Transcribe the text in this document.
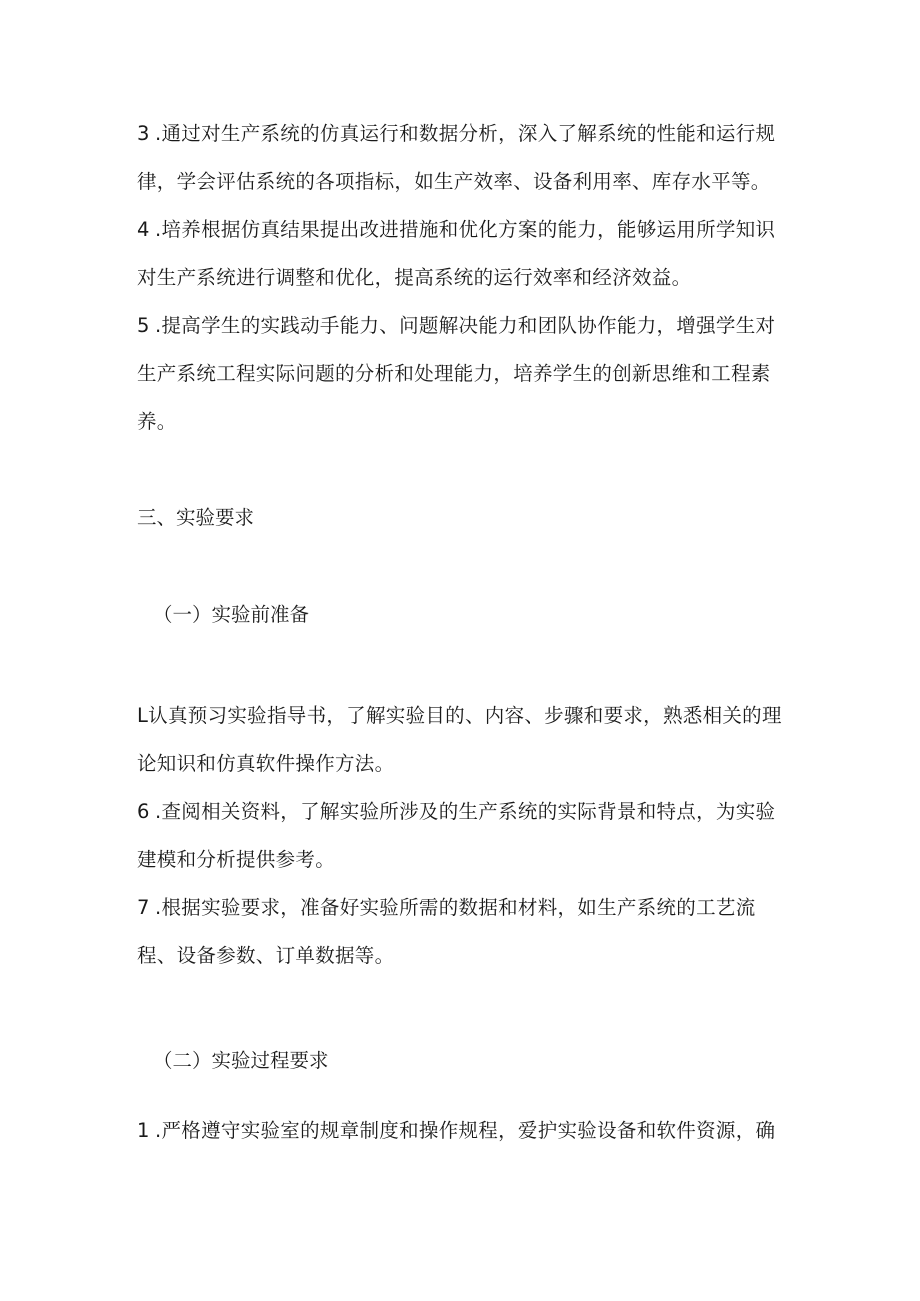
3 .通过对生产系统的仿真运行和数据分析，深入了解系统的性能和运行规律，学会评估系统的各项指标，如生产效率、设备利用率、库存水平等。

4 .培养根据仿真结果提出改进措施和优化方案的能力，能够运用所学知识对生产系统进行调整和优化，提高系统的运行效率和经济效益。

5 .提高学生的实践动手能力、问题解决能力和团队协作能力，增强学生对生产系统工程实际问题的分析和处理能力，培养学生的创新思维和工程素养。

三、实验要求

（一）实验前准备

L认真预习实验指导书，了解实验目的、内容、步骤和要求，熟悉相关的理论知识和仿真软件操作方法。

6 .查阅相关资料，了解实验所涉及的生产系统的实际背景和特点，为实验建模和分析提供参考。

7 .根据实验要求，准备好实验所需的数据和材料，如生产系统的工艺流程、设备参数、订单数据等。

（二）实验过程要求

1 .严格遵守实验室的规章制度和操作规程，爱护实验设备和软件资源，确
